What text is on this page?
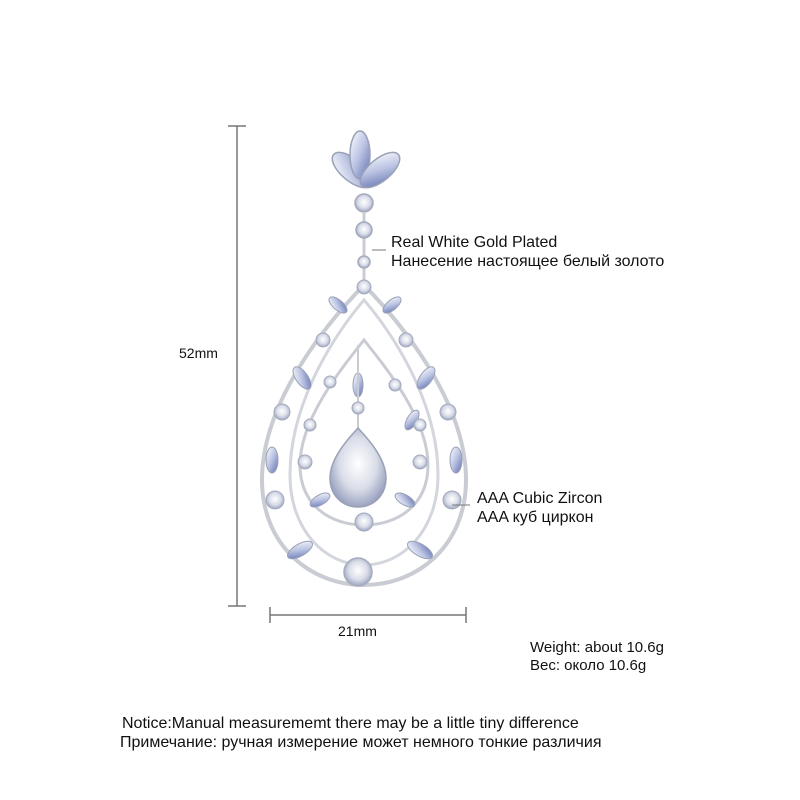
52mm
21mm
Real White Gold Plated
Нанесение настоящее белый золото
AAA Cubic Zircon
AAA куб циркон
Weight: about 10.6g
Вес: около 10.6g
Notice:Manual measurememt there may be a little tiny difference
Примечание: ручная измерение может немного тонкие различия
